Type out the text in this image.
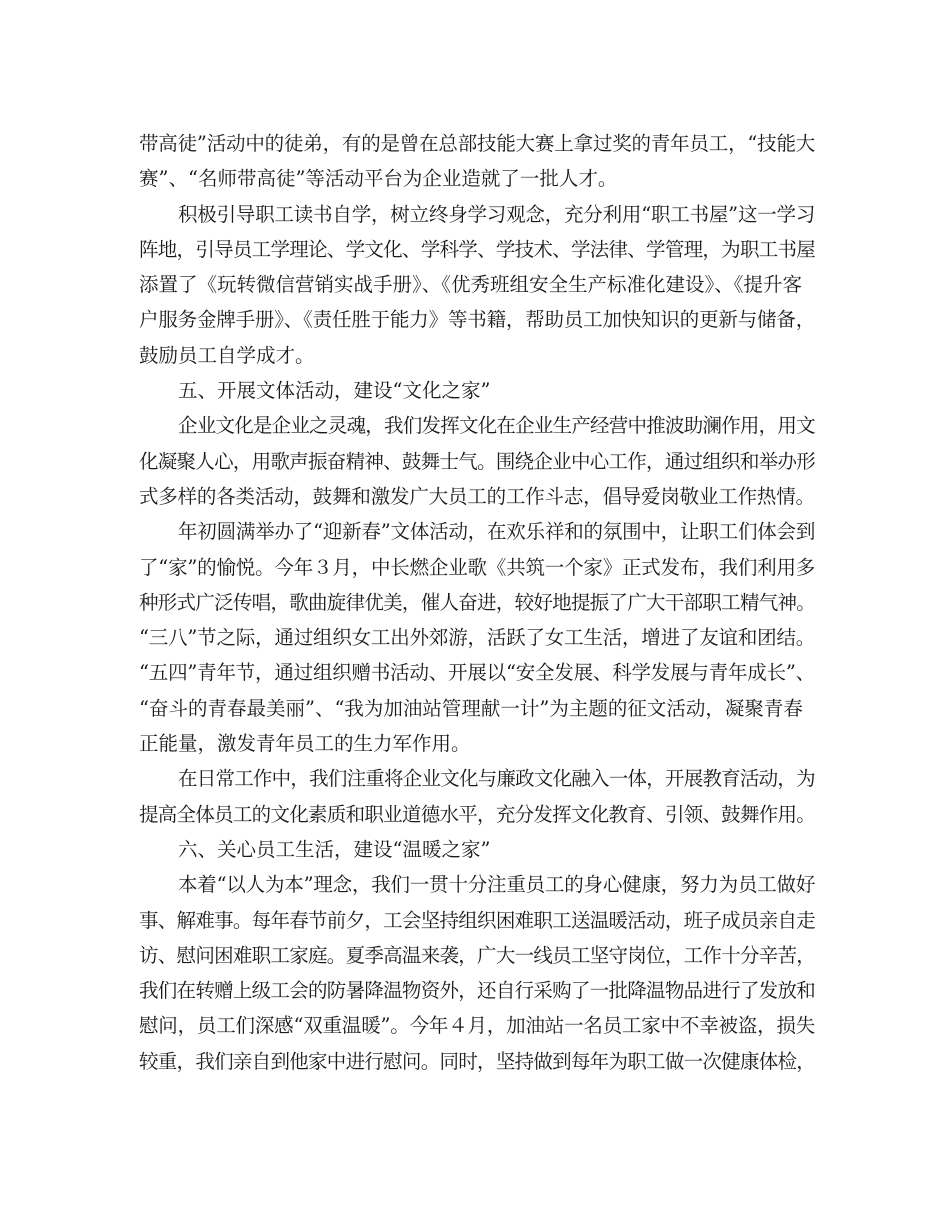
带高徒”活动中的徒弟，有的是曾在总部技能大赛上拿过奖的青年员工，“技能大
赛”、“名师带高徒”等活动平台为企业造就了一批人才。
积极引导职工读书自学，树立终身学习观念，充分利用“职工书屋”这一学习
阵地，引导员工学理论、学文化、学科学、学技术、学法律、学管理，为职工书屋
添置了《玩转微信营销实战手册》、《优秀班组安全生产标准化建设》、《提升客
户服务金牌手册》、《责任胜于能力》等书籍，帮助员工加快知识的更新与储备，
鼓励员工自学成才。
五、开展文体活动，建设“文化之家”
企业文化是企业之灵魂，我们发挥文化在企业生产经营中推波助澜作用，用文
化凝聚人心，用歌声振奋精神、鼓舞士气。围绕企业中心工作，通过组织和举办形
式多样的各类活动，鼓舞和激发广大员工的工作斗志，倡导爱岗敬业工作热情。
年初圆满举办了“迎新春”文体活动，在欢乐祥和的氛围中，让职工们体会到
了“家”的愉悦。今年３月，中长燃企业歌《共筑一个家》正式发布，我们利用多
种形式广泛传唱，歌曲旋律优美，催人奋进，较好地提振了广大干部职工精气神。
“三八”节之际，通过组织女工出外郊游，活跃了女工生活，增进了友谊和团结。
“五四”青年节，通过组织赠书活动、开展以“安全发展、科学发展与青年成长”、
“奋斗的青春最美丽”、“我为加油站管理献一计”为主题的征文活动，凝聚青春
正能量，激发青年员工的生力军作用。
在日常工作中，我们注重将企业文化与廉政文化融入一体，开展教育活动，为
提高全体员工的文化素质和职业道德水平，充分发挥文化教育、引领、鼓舞作用。
六、关心员工生活，建设“温暖之家”
本着“以人为本”理念，我们一贯十分注重员工的身心健康，努力为员工做好
事、解难事。每年春节前夕，工会坚持组织困难职工送温暖活动，班子成员亲自走
访、慰问困难职工家庭。夏季高温来袭，广大一线员工坚守岗位，工作十分辛苦，
我们在转赠上级工会的防暑降温物资外，还自行采购了一批降温物品进行了发放和
慰问，员工们深感“双重温暖”。今年４月，加油站一名员工家中不幸被盗，损失
较重，我们亲自到他家中进行慰问。同时，坚持做到每年为职工做一次健康体检，
